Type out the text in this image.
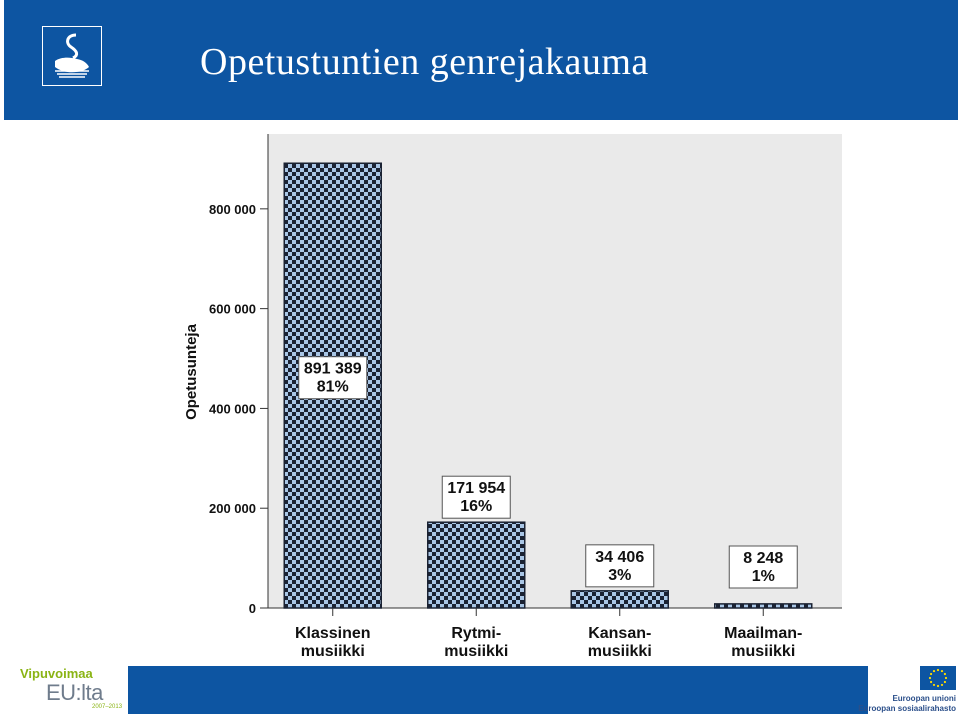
Opetustuntien genrejakauma
0
200 000
400 000
600 000
800 000
891 389
81%
171 954
16%
34 406
3%
8 248
1%
Klassinen
musiikki
Rytmi-
musiikki
Kansan-
musiikki
Maailman-
musiikki
Opetusunteja
Vipuvoimaa
EU:lta
2007–2013
Euroopan unioni
Euroopan sosiaalirahasto
